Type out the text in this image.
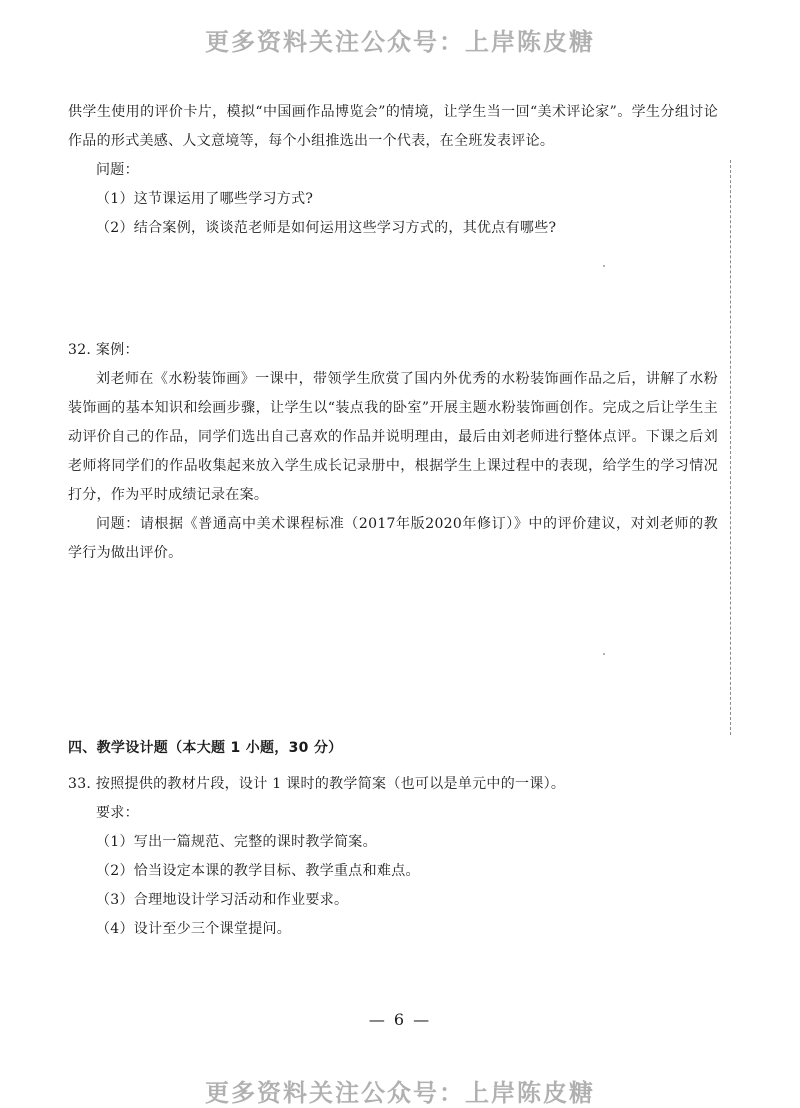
更多资料关注公众号：上岸陈皮糖

供学生使用的评价卡片，模拟“中国画作品博览会”的情境，让学生当一回“美术评论家”。学生分组讨论作品的形式美感、人文意境等，每个小组推选出一个代表，在全班发表评论。

问题：

（1）这节课运用了哪些学习方式?

（2）结合案例，谈谈范老师是如何运用这些学习方式的，其优点有哪些?

32. 案例：

刘老师在《水粉装饰画》一课中，带领学生欣赏了国内外优秀的水粉装饰画作品之后，讲解了水粉装饰画的基本知识和绘画步骤，让学生以“装点我的卧室”开展主题水粉装饰画创作。完成之后让学生主动评价自己的作品，同学们选出自己喜欢的作品并说明理由，最后由刘老师进行整体点评。下课之后刘老师将同学们的作品收集起来放入学生成长记录册中，根据学生上课过程中的表现，给学生的学习情况打分，作为平时成绩记录在案。

问题：请根据《普通高中美术课程标准（2017年版2020年修订）》中的评价建议，对刘老师的教学行为做出评价。

四、教学设计题（本大题 1 小题，30 分）

33. 按照提供的教材片段，设计 1 课时的教学简案（也可以是单元中的一课）。

要求：

（1）写出一篇规范、完整的课时教学简案。

（2）恰当设定本课的教学目标、教学重点和难点。

（3）合理地设计学习活动和作业要求。

（4）设计至少三个课堂提问。

— 6 —
更多资料关注公众号：上岸陈皮糖
